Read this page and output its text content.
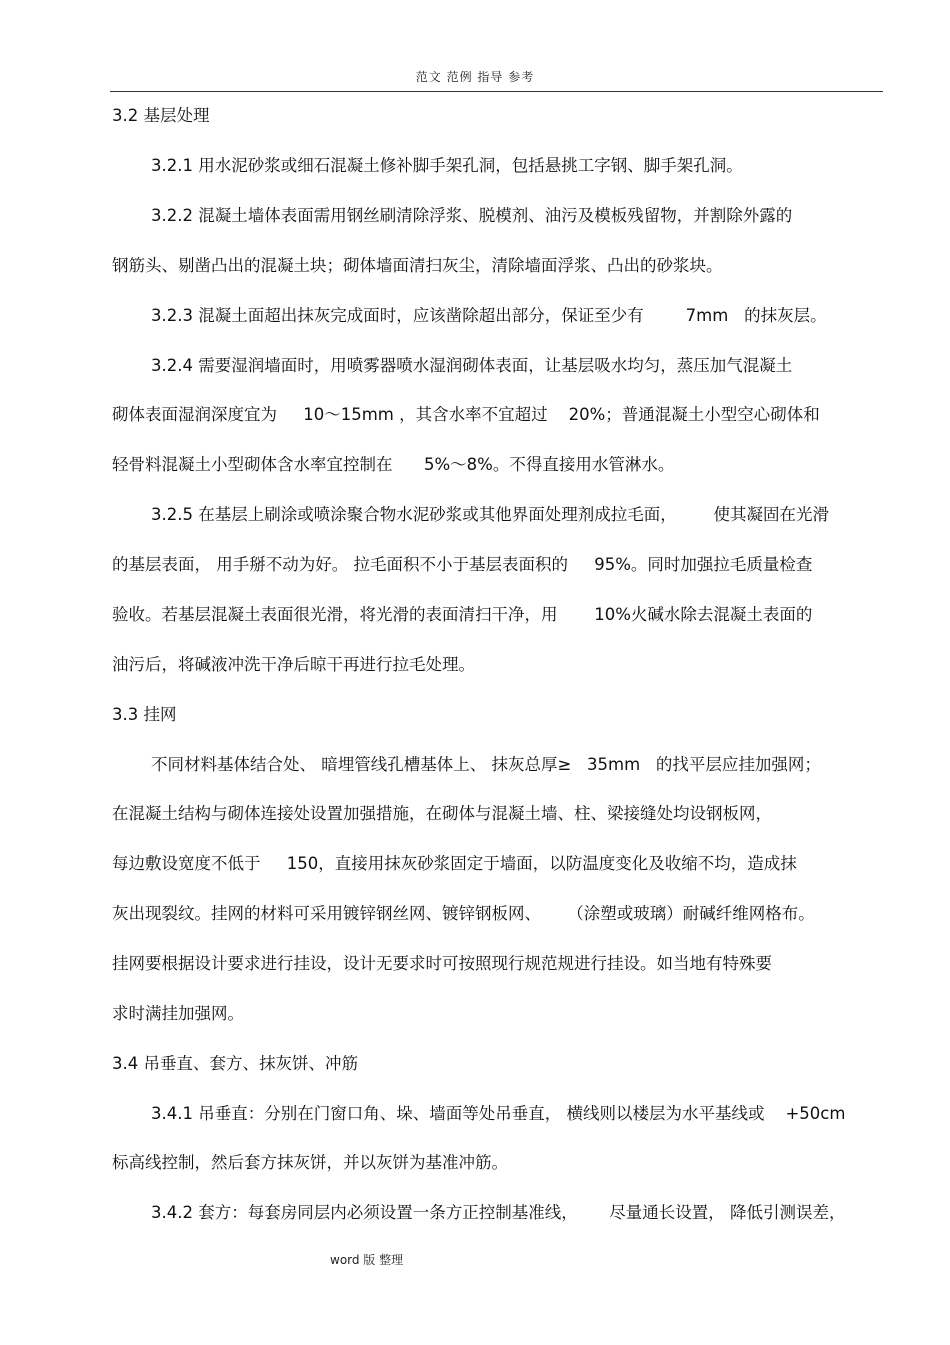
范文 范例 指导 参考
3.2 基层处理
3.2.1 用水泥砂浆或细石混凝土修补脚手架孔洞，包括悬挑工字钢、脚手架孔洞。
3.2.2 混凝土墙体表面需用钢丝刷清除浮浆、脱模剂、油污及模板残留物，并割除外露的
钢筋头、剔凿凸出的混凝土块；砌体墙面清扫灰尘，清除墙面浮浆、凸出的砂浆块。
3.2.3 混凝土面超出抹灰完成面时，应该凿除超出部分，保证至少有        7mm   的抹灰层。
3.2.4 需要湿润墙面时，用喷雾器喷水湿润砌体表面，让基层吸水均匀，蒸压加气混凝土
砌体表面湿润深度宜为     10～15mm ，其含水率不宜超过    20%；普通混凝土小型空心砌体和
轻骨料混凝土小型砌体含水率宜控制在      5%～8%。不得直接用水管淋水。
3.2.5 在基层上刷涂或喷涂聚合物水泥砂浆或其他界面处理剂成拉毛面，       使其凝固在光滑
的基层表面， 用手掰不动为好。 拉毛面积不小于基层表面积的     95%。同时加强拉毛质量检查
验收。若基层混凝土表面很光滑，将光滑的表面清扫干净，用       10%火碱水除去混凝土表面的
油污后，将碱液冲洗干净后晾干再进行拉毛处理。
3.3 挂网
不同材料基体结合处、 暗埋管线孔槽基体上、 抹灰总厚≥   35mm   的找平层应挂加强网；
在混凝土结构与砌体连接处设置加强措施，在砌体与混凝土墙、柱、梁接缝处均设钢板网，
每边敷设宽度不低于     150，直接用抹灰砂浆固定于墙面，以防温度变化及收缩不均，造成抹
灰出现裂纹。挂网的材料可采用镀锌钢丝网、镀锌钢板网、     （涂塑或玻璃）耐碱纤维网格布。
挂网要根据设计要求进行挂设，设计无要求时可按照现行规范规进行挂设。如当地有特殊要
求时满挂加强网。
3.4 吊垂直、套方、抹灰饼、冲筋
3.4.1 吊垂直：分别在门窗口角、垛、墙面等处吊垂直， 横线则以楼层为水平基线或    +50cm
标高线控制，然后套方抹灰饼，并以灰饼为基准冲筋。
3.4.2 套方：每套房同层内必须设置一条方正控制基准线，      尽量通长设置， 降低引测误差，
word 版 整理
